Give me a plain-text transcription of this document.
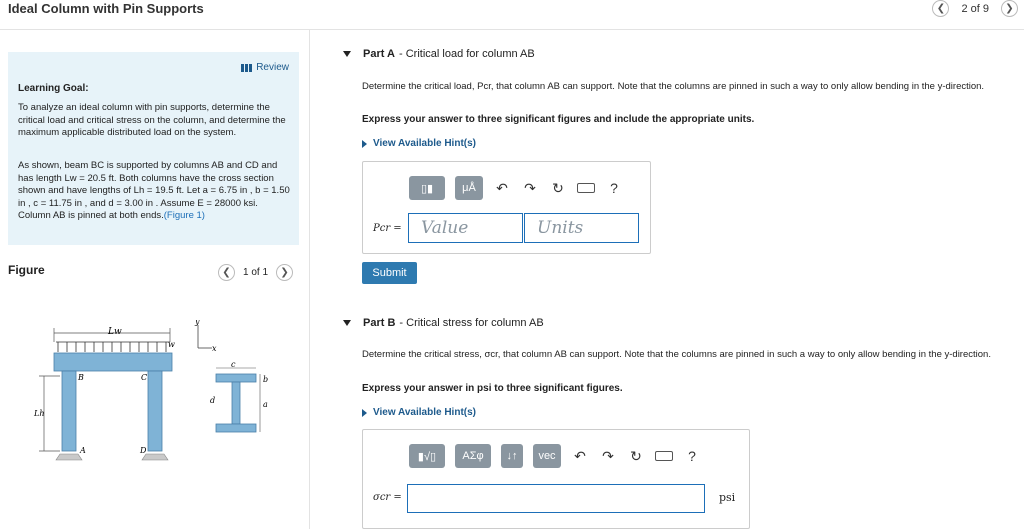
Ideal Column with Pin Supports	❮ 2 of 9 ❯
Review
Learning Goal:
To analyze an ideal column with pin supports, determine the critical load and critical stress on the column, and determine the maximum applicable distributed load on the system.
As shown, beam BC is supported by columns AB and CD and has length Lw = 20.5 ft. Both columns have the cross section shown and have lengths of Lh = 19.5 ft. Let a = 6.75 in , b = 1.50 in , c = 11.75 in , and d = 3.00 in . Assume E = 28000 ksi. Column AB is pinned at both ends.(Figure 1)
Figure	❮ 1 of 1 ❯
Lw
w
B	C
A	D
Lh
y
x
c
d
b
a
Part A - Critical load for column AB
Determine the critical load, Pcr, that column AB can support. Note that the columns are pinned in such a way to only allow bending in the y-direction.
Express your answer to three significant figures and include the appropriate units.
View Available Hint(s)
▯▮	μÅ ↶ ↷ ↻	?
Pcr =	Value	Units
Submit
Part B - Critical stress for column AB
Determine the critical stress, σcr, that column AB can support. Note that the columns are pinned in such a way to only allow bending in the y-direction.
Express your answer in psi to three significant figures.
View Available Hint(s)
▮√▯ ΑΣφ ↓↑ vec ↶ ↷ ↻	?
σcr =	psi
